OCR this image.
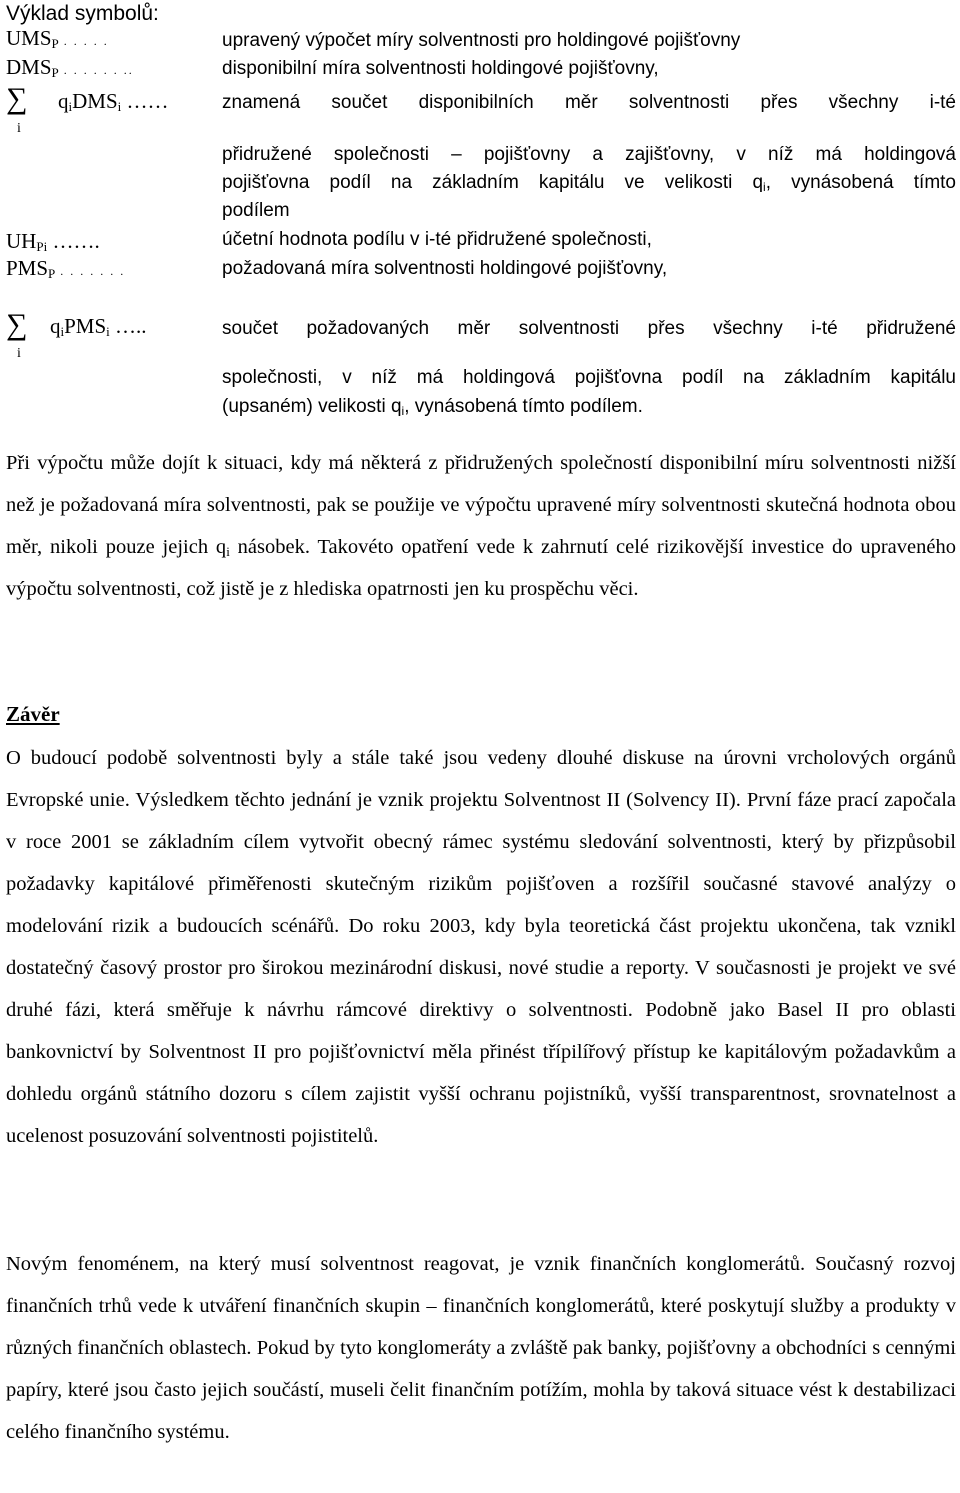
Výklad symbolů:
$UMS_P$ . . . . .
$DMS_P$ . . . . . . ..
∑
i
$q_iDMS_i$ ……
$UH_{Pi}$ …….
$PMS_P$ . . . . . . .
∑
i
$q_iPMS_i$ …..
upravený výpočet míry solventnosti pro holdingové pojišťovny
disponibilní míra solventnosti holdingové pojišťovny,
znamená součet disponibilních měr solventnosti přes všechny i-té
přidružené společnosti – pojišťovny a zajišťovny, v níž má holdingová
pojišťovna podíl na základním kapitálu ve velikosti $q_i$, vynásobená tímto
podílem
účetní hodnota podílu v i-té přidružené společnosti,
požadovaná míra solventnosti holdingové pojišťovny,
součet požadovaných měr solventnosti přes všechny i-té přidružené
společnosti, v níž má holdingová pojišťovna podíl na základním kapitálu
(upsaném) velikosti $q_i$, vynásobená tímto podílem.
Při výpočtu může dojít k situaci, kdy má některá z přidružených společností disponibilní míru solventnosti nižší než je požadovaná míra solventnosti, pak se použije ve výpočtu upravené míry solventnosti skutečná hodnota obou měr, nikoli pouze jejich $q_i$ násobek. Takovéto opatření vede k zahrnutí celé rizikovější investice do upraveného výpočtu solventnosti, což jistě je z hlediska opatrnosti jen ku prospěchu věci.
Závěr
O budoucí podobě solventnosti byly a stále také jsou vedeny dlouhé diskuse na úrovni vrcholových orgánů Evropské unie. Výsledkem těchto jednání je vznik projektu Solventnost II (Solvency II). První fáze prací započala v roce 2001 se základním cílem vytvořit obecný rámec systému sledování solventnosti, který by přizpůsobil požadavky kapitálové přiměřenosti skutečným rizikům pojišťoven a rozšířil současné stavové analýzy o modelování rizik a budoucích scénářů. Do roku 2003, kdy byla teoretická část projektu ukončena, tak vznikl dostatečný časový prostor pro širokou mezinárodní diskusi, nové studie a reporty. V současnosti je projekt ve své druhé fázi, která směřuje k návrhu rámcové direktivy o solventnosti. Podobně jako Basel II pro oblasti bankovnictví by Solventnost II pro pojišťovnictví měla přinést třípilířový přístup ke kapitálovým požadavkům a dohledu orgánů státního dozoru s cílem zajistit vyšší ochranu pojistníků, vyšší transparentnost, srovnatelnost a ucelenost posuzování solventnosti pojistitelů.
Novým fenoménem, na který musí solventnost reagovat, je vznik finančních konglomerátů. Současný rozvoj finančních trhů vede k utváření finančních skupin – finančních konglomerátů, které poskytují služby a produkty v různých finančních oblastech. Pokud by tyto konglomeráty a zvláště pak banky, pojišťovny a obchodníci s cennými papíry, které jsou často jejich součástí, museli čelit finančním potížím, mohla by taková situace vést k destabilizaci celého finančního systému.
